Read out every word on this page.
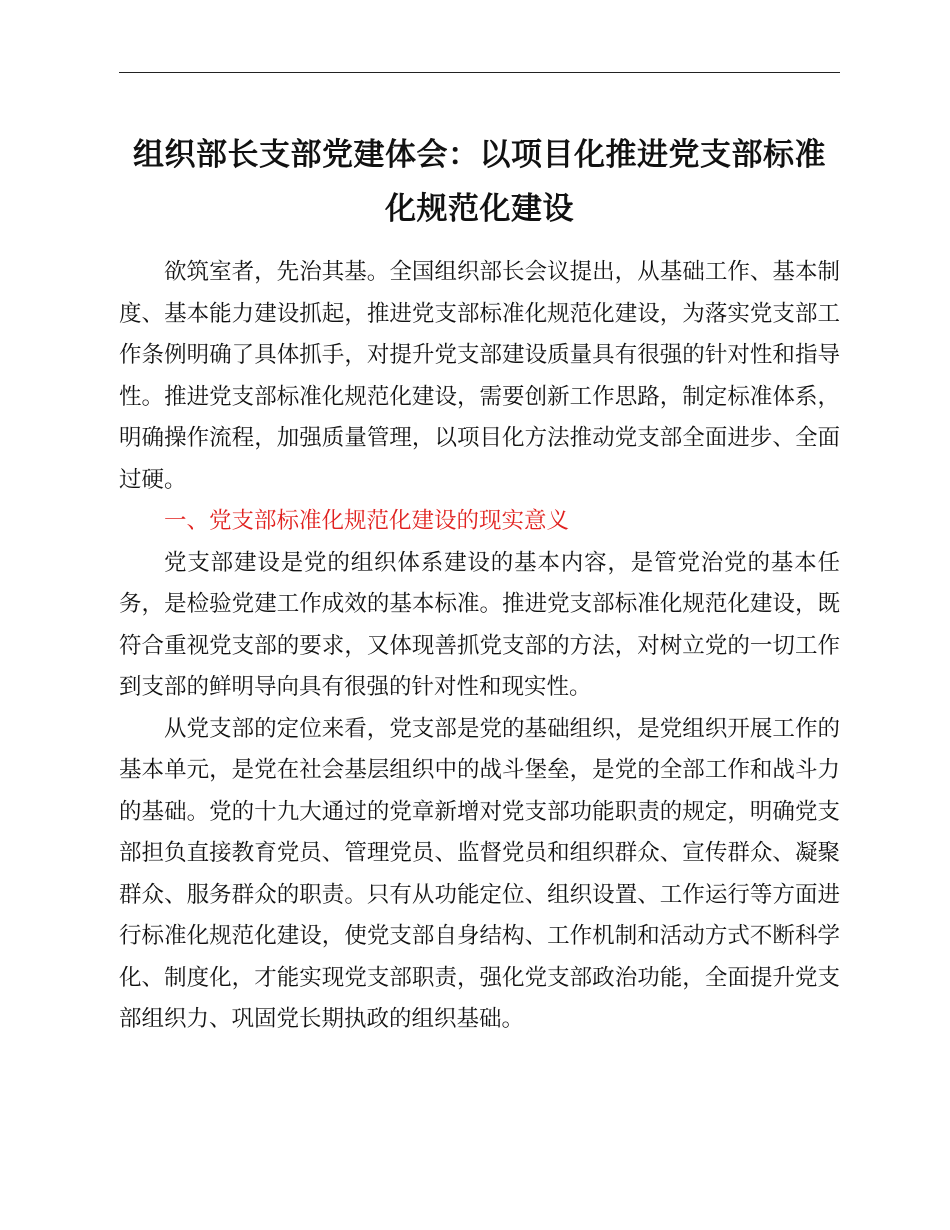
组织部长支部党建体会：以项目化推进党支部标准化规范化建设

欲筑室者，先治其基。全国组织部长会议提出，从基础工作、基本制度、基本能力建设抓起，推进党支部标准化规范化建设，为落实党支部工作条例明确了具体抓手，对提升党支部建设质量具有很强的针对性和指导性。推进党支部标准化规范化建设，需要创新工作思路，制定标准体系，明确操作流程，加强质量管理，以项目化方法推动党支部全面进步、全面过硬。

一、党支部标准化规范化建设的现实意义

党支部建设是党的组织体系建设的基本内容，是管党治党的基本任务，是检验党建工作成效的基本标准。推进党支部标准化规范化建设，既符合重视党支部的要求，又体现善抓党支部的方法，对树立党的一切工作到支部的鲜明导向具有很强的针对性和现实性。

从党支部的定位来看，党支部是党的基础组织，是党组织开展工作的基本单元，是党在社会基层组织中的战斗堡垒，是党的全部工作和战斗力的基础。党的十九大通过的党章新增对党支部功能职责的规定，明确党支部担负直接教育党员、管理党员、监督党员和组织群众、宣传群众、凝聚群众、服务群众的职责。只有从功能定位、组织设置、工作运行等方面进行标准化规范化建设，使党支部自身结构、工作机制和活动方式不断科学化、制度化，才能实现党支部职责，强化党支部政治功能，全面提升党支部组织力、巩固党长期执政的组织基础。
